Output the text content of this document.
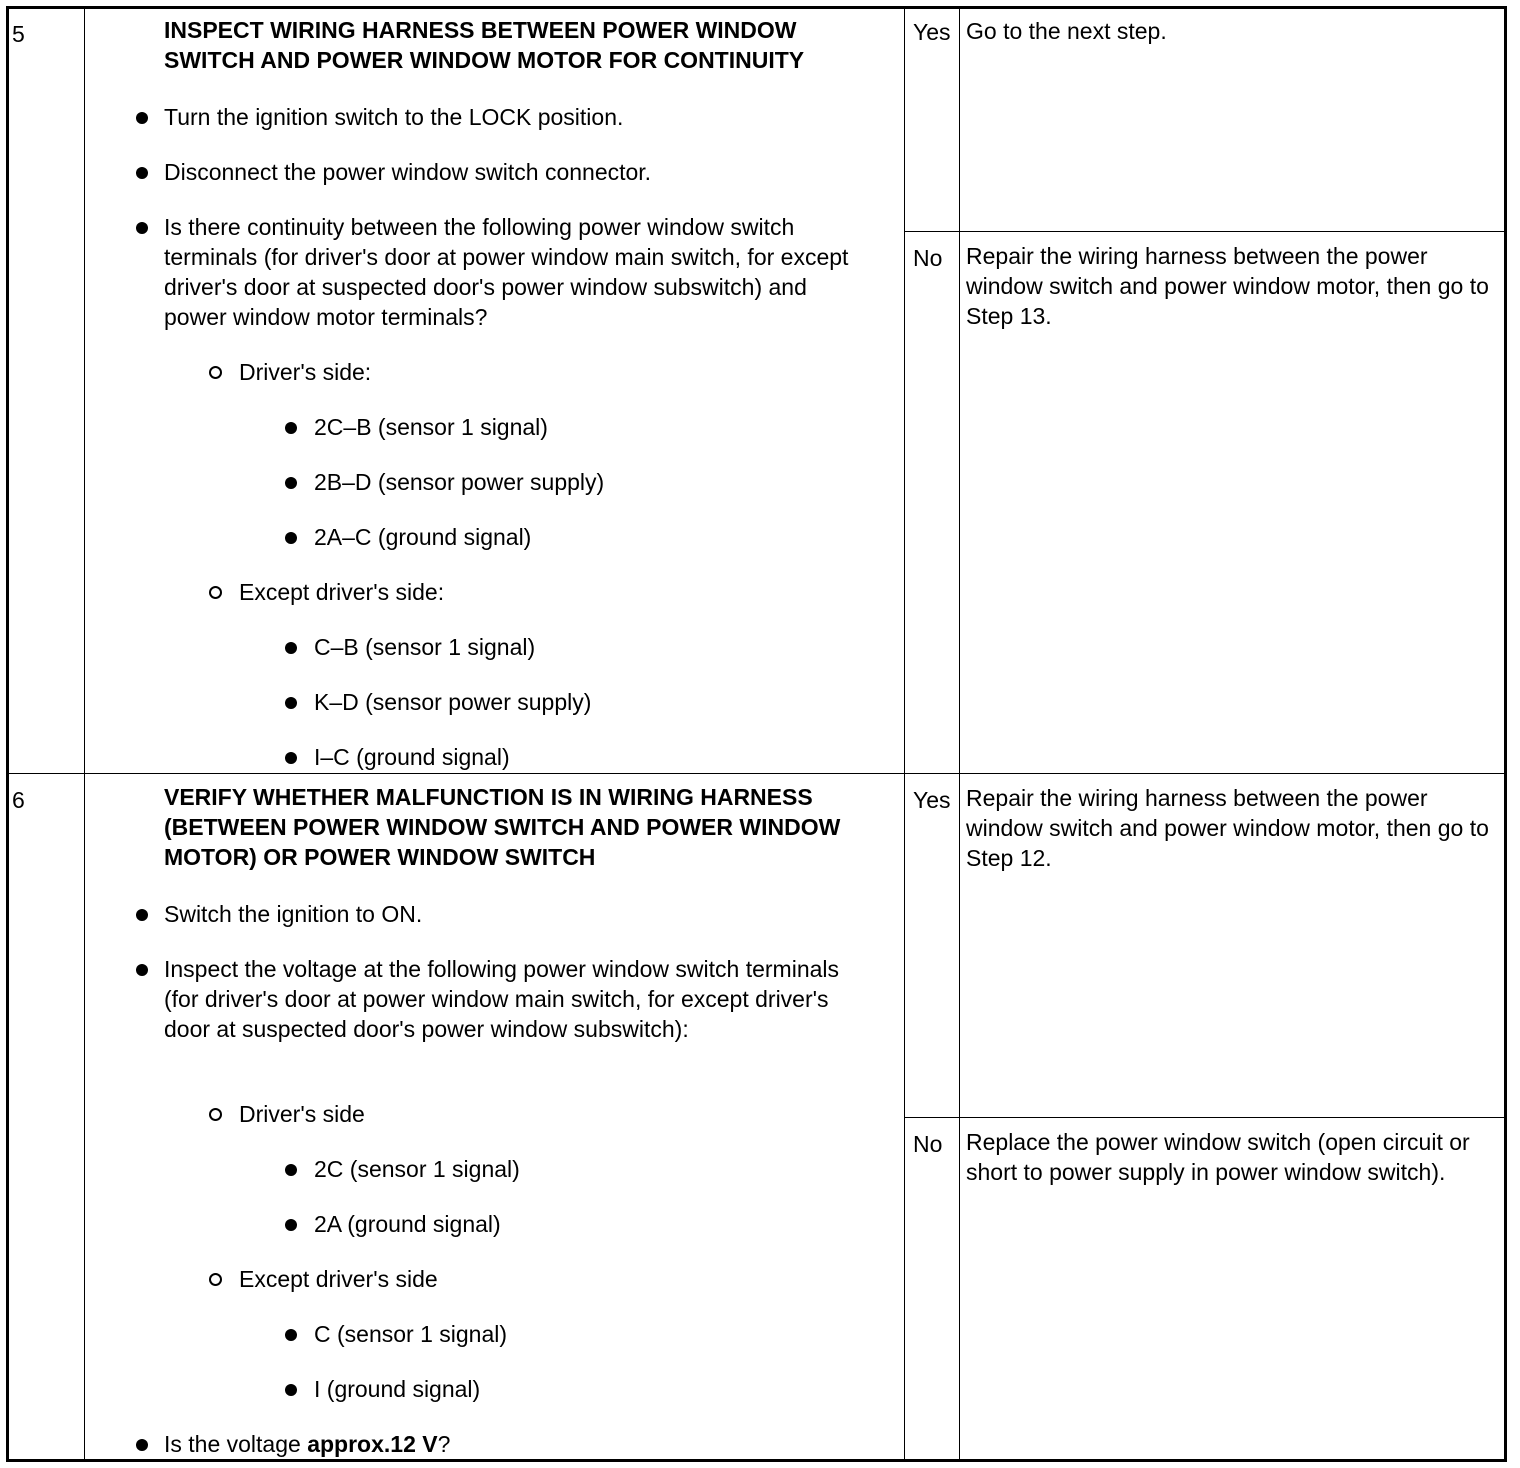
5	INSPECT WIRING HARNESS BETWEEN POWER WINDOW SWITCH AND POWER WINDOW MOTOR FOR CONTINUITY
Turn the ignition switch to the LOCK position.
Disconnect the power window switch connector.
Is there continuity between the following power window switch terminals (for driver's door at power window main switch, for except driver's door at suspected door's power window subswitch) and power window motor terminals?
Driver's side:
2C–B (sensor 1 signal)
2B–D (sensor power supply)
2A–C (ground signal)
Except driver's side:
C–B (sensor 1 signal)
K–D (sensor power supply)
I–C (ground signal)
Yes Go to the next step.
No Repair the wiring harness between the power window switch and power window motor, then go to Step 13.
6	VERIFY WHETHER MALFUNCTION IS IN WIRING HARNESS (BETWEEN POWER WINDOW SWITCH AND POWER WINDOW MOTOR) OR POWER WINDOW SWITCH
Switch the ignition to ON.
Inspect the voltage at the following power window switch terminals (for driver's door at power window main switch, for except driver's door at suspected door's power window subswitch):
Driver's side
2C (sensor 1 signal)
2A (ground signal)
Except driver's side
C (sensor 1 signal)
I (ground signal)
Is the voltage approx.12 V?
Yes Repair the wiring harness between the power window switch and power window motor, then go to Step 12.
No Replace the power window switch (open circuit or short to power supply in power window switch).
